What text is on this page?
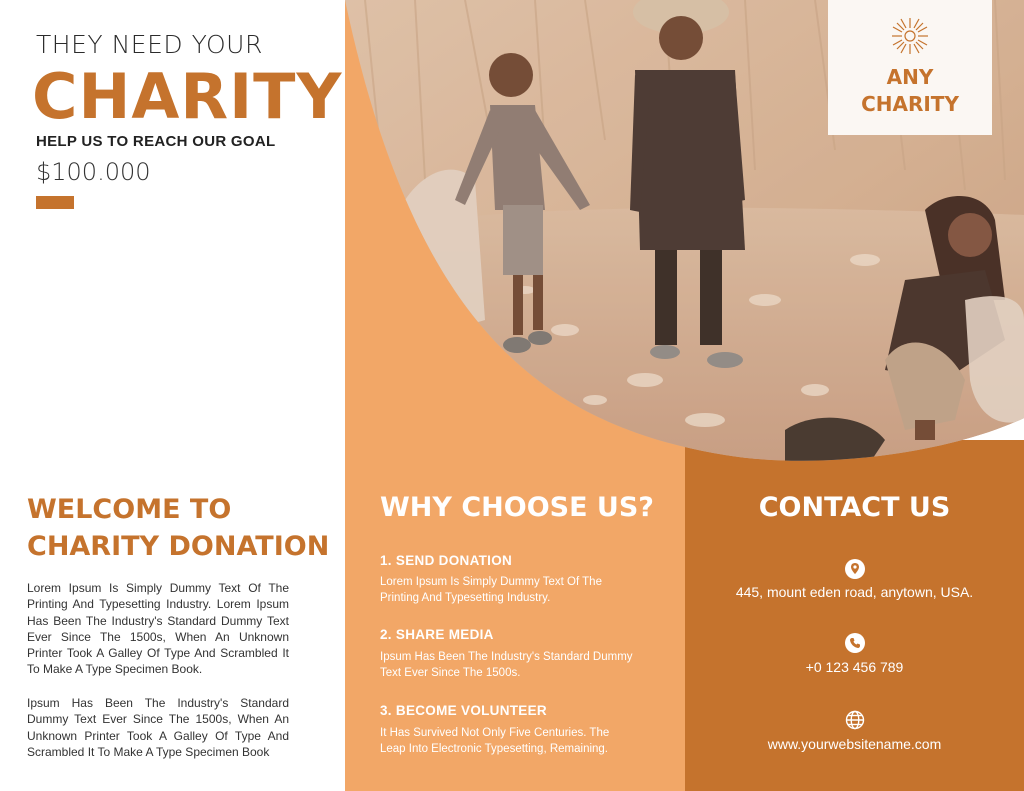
THEY NEED YOUR
CHARITY
HELP US TO REACH OUR GOAL
$100.000
WELCOME TO
CHARITY DONATION
Lorem Ipsum Is Simply Dummy Text Of The Printing And Typesetting Industry. Lorem Ipsum Has Been The Industry's Standard Dummy Text Ever Since The 1500s, When An Unknown Printer Took A Galley Of Type And Scrambled It To Make A Type Specimen Book.
Ipsum Has Been The Industry's Standard Dummy Text Ever Since The 1500s, When An Unknown Printer Took A Galley Of Type And Scrambled It To Make A Type Specimen Book
ANY
CHARITY
WHY CHOOSE US?
1. SEND DONATION
Lorem Ipsum Is Simply Dummy Text Of The Printing And Typesetting Industry.
2. SHARE MEDIA
Ipsum Has Been The Industry's Standard Dummy Text Ever Since The 1500s.
3. BECOME VOLUNTEER
It Has Survived Not Only Five Centuries. The Leap Into Electronic Typesetting, Remaining.
CONTACT US
445, mount eden road, anytown, USA.
+0 123 456 789
www.yourwebsitename.com
